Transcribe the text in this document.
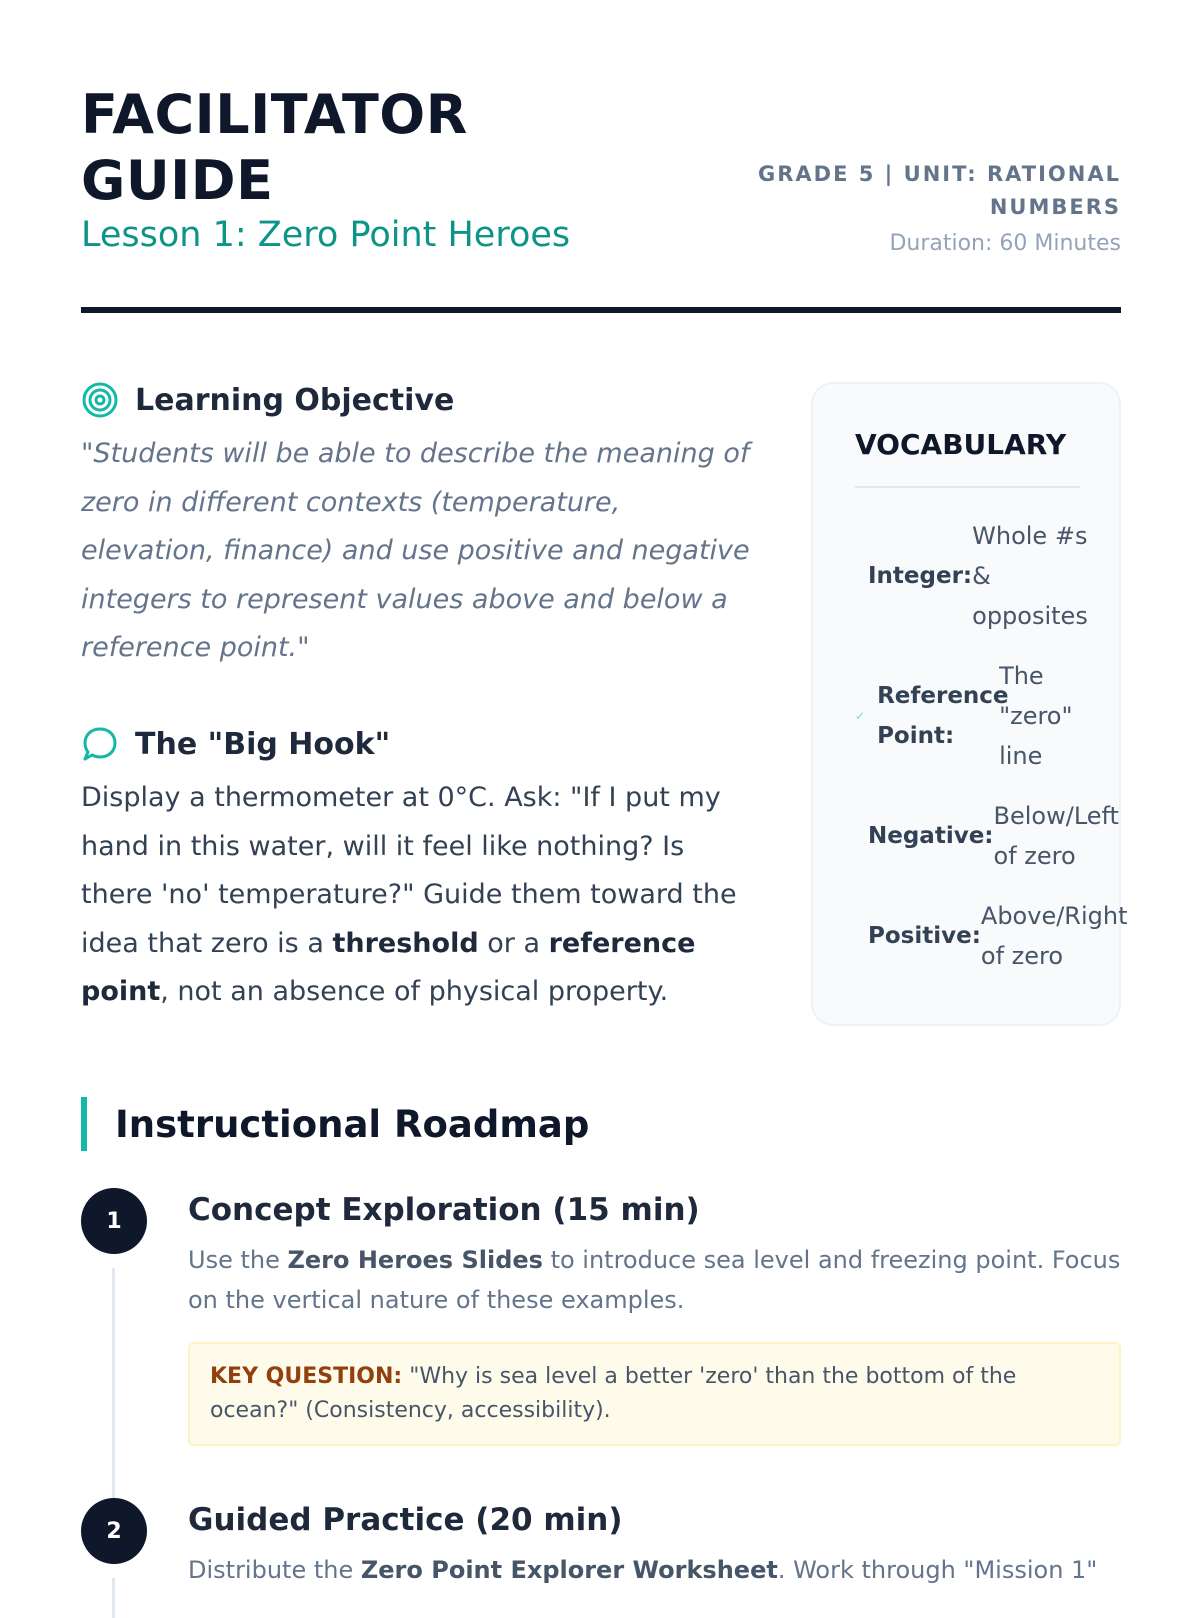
FACILITATOR
GUIDE
Lesson 1: Zero Point Heroes
GRADE 5 | UNIT: RATIONAL
NUMBERS
Duration: 60 Minutes
Learning Objective

"Students will be able to describe the meaning of zero in different contexts (temperature, elevation, finance) and use positive and negative integers to represent values above and below a reference point."

The "Big Hook"

Display a thermometer at 0°C. Ask: "If I put my hand in this water, will it feel like nothing? Is there 'no' temperature?" Guide them toward the idea that zero is a threshold or a reference point, not an absence of physical property.

VOCABULARY
Integer:
Whole #s & opposites
✓
Reference Point:
The "zero" line
Negative:
Below/Left of zero
Positive:
Above/Right of zero
Instructional Roadmap
1	Concept Exploration (15 min)

Use the Zero Heroes Slides to introduce sea level and freezing point. Focus on the vertical nature of these examples.

KEY QUESTION: "Why is sea level a better 'zero' than the bottom of the ocean?" (Consistency, accessibility).
2	Guided Practice (20 min)

Distribute the Zero Point Explorer Worksheet. Work through "Mission 1"
